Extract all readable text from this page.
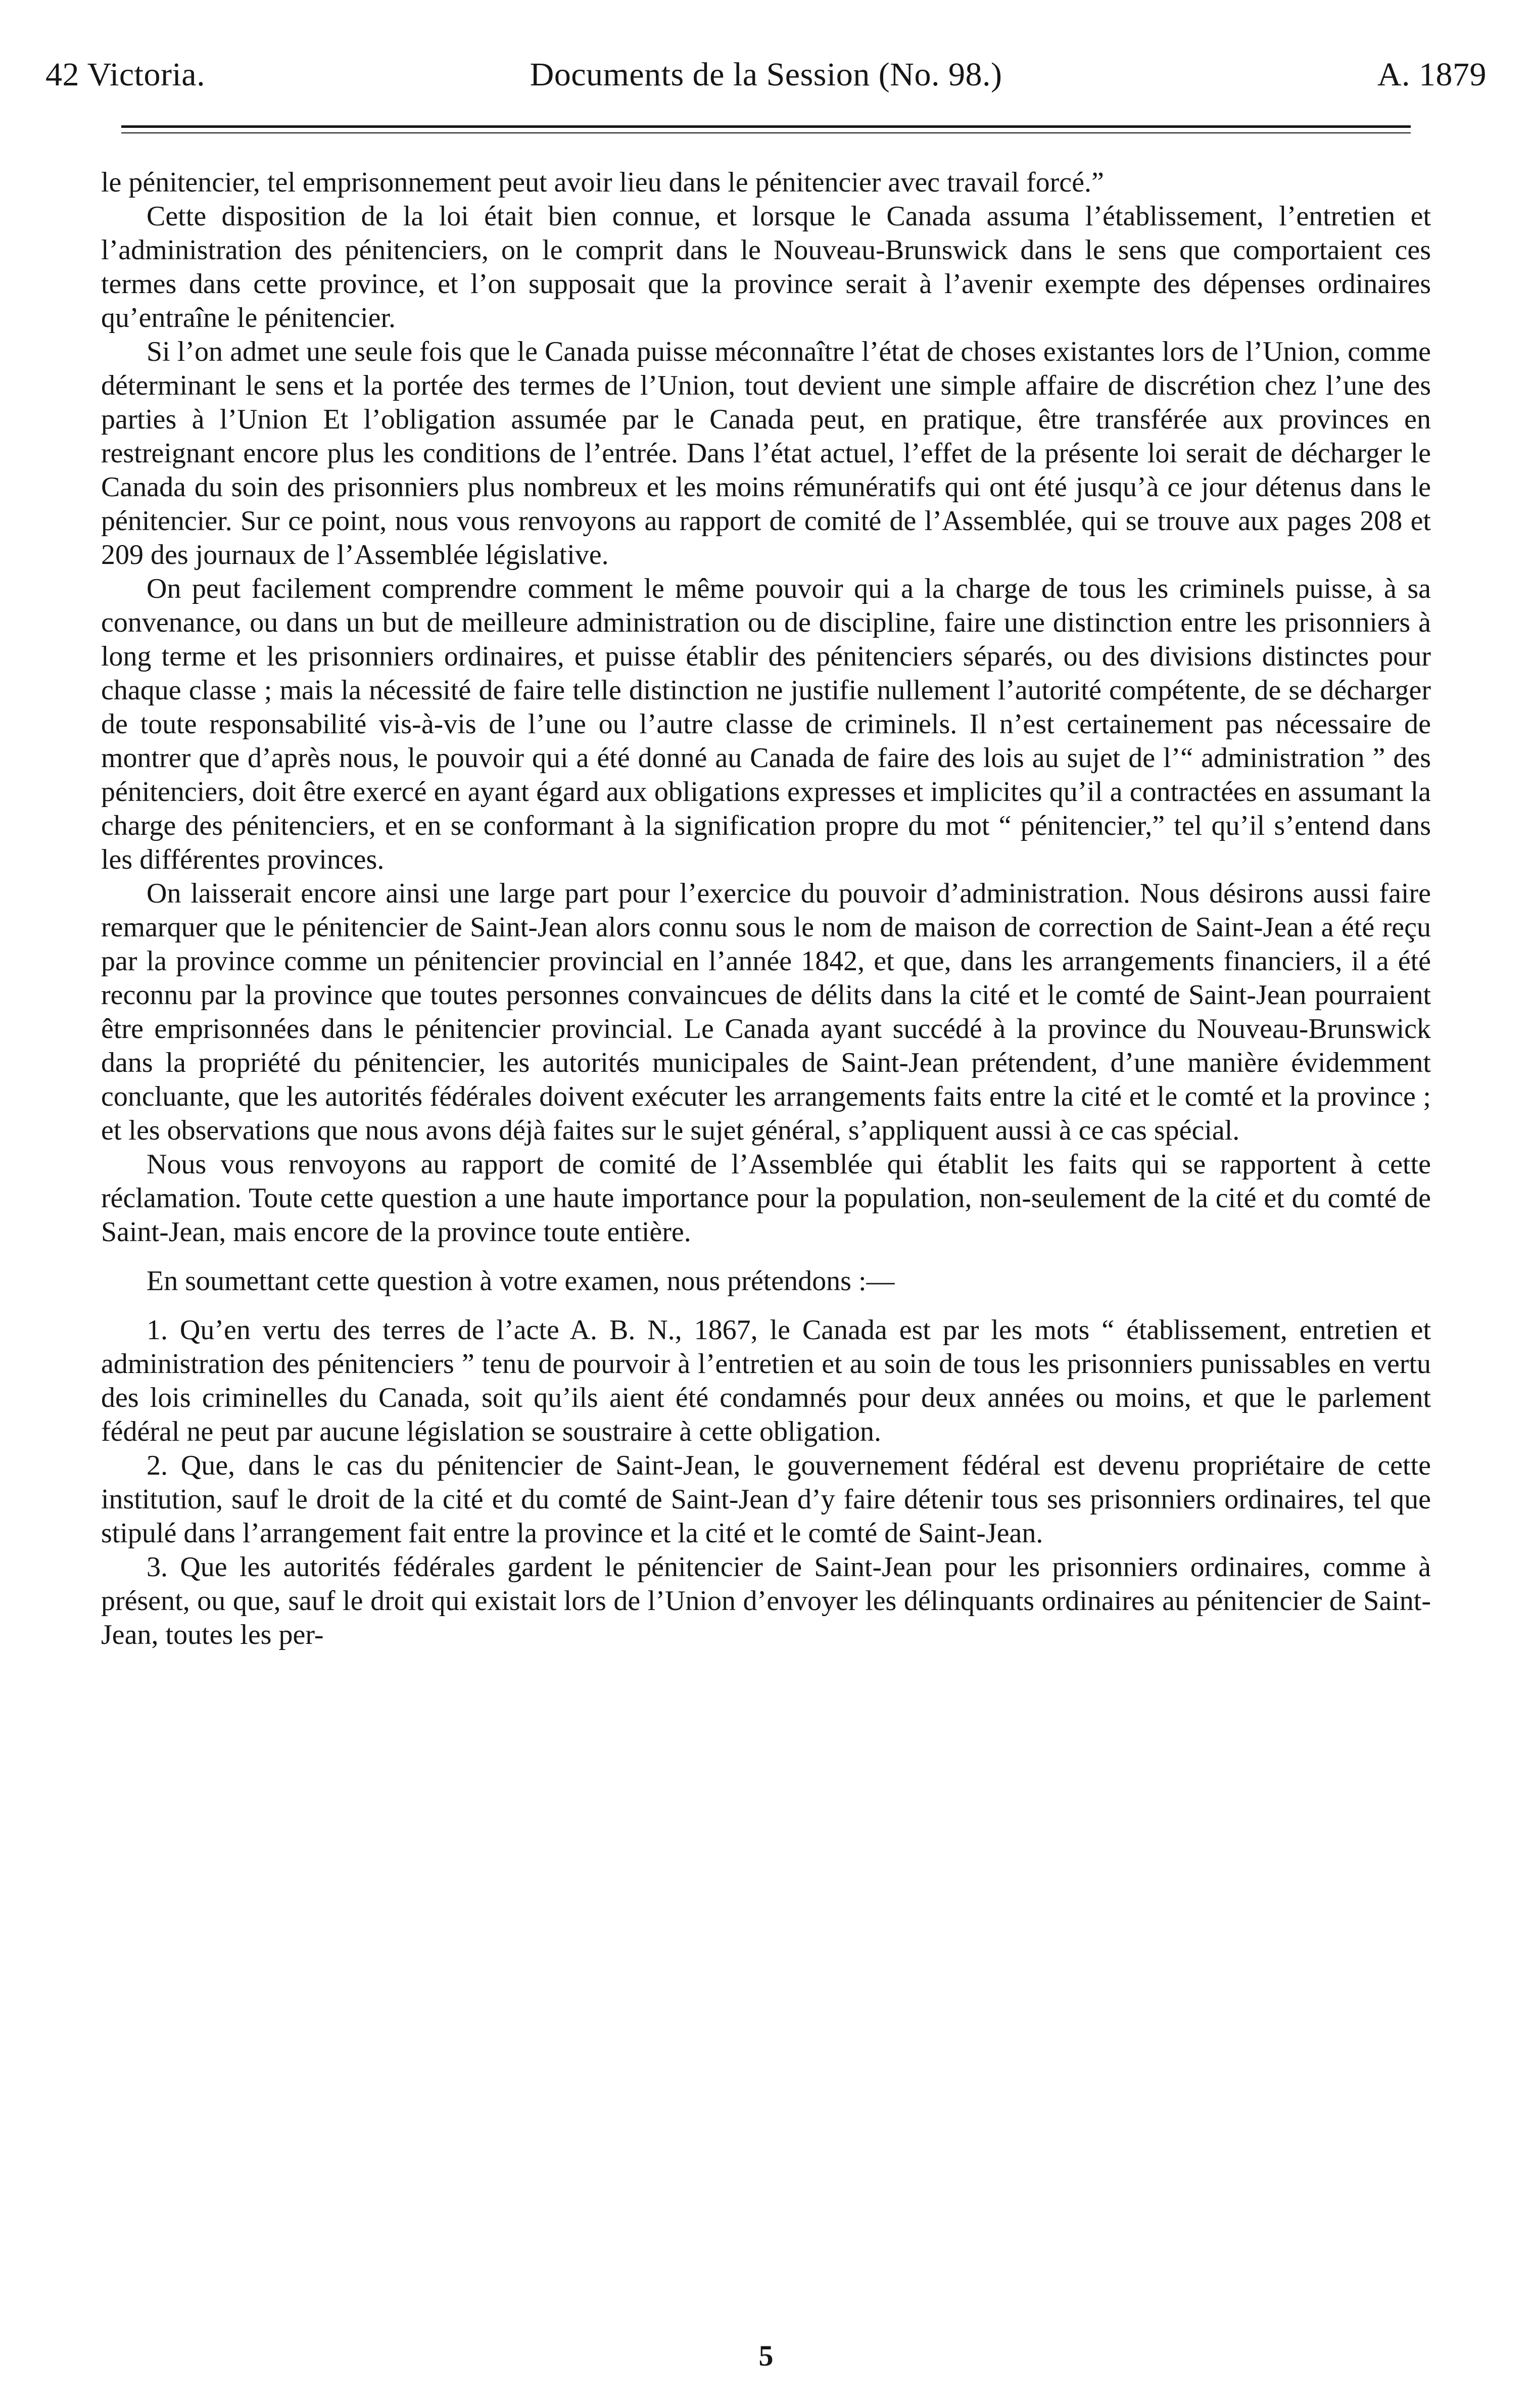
42 Victoria.	Documents de la Session (No. 98.)	A. 1879

le pénitencier, tel emprisonnement peut avoir lieu dans le pénitencier avec travail forcé.”

Cette disposition de la loi était bien connue, et lorsque le Canada assuma l’établissement, l’entretien et l’administration des pénitenciers, on le comprit dans le Nouveau-Brunswick dans le sens que comportaient ces termes dans cette province, et l’on supposait que la province serait à l’avenir exempte des dépenses ordinaires qu’entraîne le pénitencier.

Si l’on admet une seule fois que le Canada puisse méconnaître l’état de choses existantes lors de l’Union, comme déterminant le sens et la portée des termes de l’Union, tout devient une simple affaire de discrétion chez l’une des parties à l’Union Et l’obligation assumée par le Canada peut, en pratique, être transférée aux provinces en restreignant encore plus les conditions de l’entrée. Dans l’état actuel, l’effet de la présente loi serait de décharger le Canada du soin des prisonniers plus nombreux et les moins rémunératifs qui ont été jusqu’à ce jour détenus dans le pénitencier. Sur ce point, nous vous renvoyons au rapport de comité de l’Assemblée, qui se trouve aux pages 208 et 209 des journaux de l’Assemblée législative.

On peut facilement comprendre comment le même pouvoir qui a la charge de tous les criminels puisse, à sa convenance, ou dans un but de meilleure administration ou de discipline, faire une distinction entre les prisonniers à long terme et les prisonniers ordinaires, et puisse établir des pénitenciers séparés, ou des divisions distinctes pour chaque classe ; mais la nécessité de faire telle distinction ne justifie nullement l’autorité compétente, de se décharger de toute responsabilité vis-à-vis de l’une ou l’autre classe de criminels. Il n’est certainement pas nécessaire de montrer que d’après nous, le pouvoir qui a été donné au Canada de faire des lois au sujet de l’“ administration ” des pénitenciers, doit être exercé en ayant égard aux obligations expresses et implicites qu’il a contractées en assumant la charge des pénitenciers, et en se conformant à la signification propre du mot “ pénitencier,” tel qu’il s’entend dans les différentes provinces.

On laisserait encore ainsi une large part pour l’exercice du pouvoir d’administration. Nous désirons aussi faire remarquer que le pénitencier de Saint-Jean alors connu sous le nom de maison de correction de Saint-Jean a été reçu par la province comme un pénitencier provincial en l’année 1842, et que, dans les arrangements financiers, il a été reconnu par la province que toutes personnes convaincues de délits dans la cité et le comté de Saint-Jean pourraient être emprisonnées dans le pénitencier provincial. Le Canada ayant succédé à la province du Nouveau-Brunswick dans la propriété du pénitencier, les autorités municipales de Saint-Jean prétendent, d’une manière évidemment concluante, que les autorités fédérales doivent exécuter les arrangements faits entre la cité et le comté et la province ; et les observations que nous avons déjà faites sur le sujet général, s’appliquent aussi à ce cas spécial.

Nous vous renvoyons au rapport de comité de l’Assemblée qui établit les faits qui se rapportent à cette réclamation. Toute cette question a une haute importance pour la population, non-seulement de la cité et du comté de Saint-Jean, mais encore de la province toute entière.

En soumettant cette question à votre examen, nous prétendons :—

1. Qu’en vertu des terres de l’acte A. B. N., 1867, le Canada est par les mots “ établissement, entretien et administration des pénitenciers ” tenu de pourvoir à l’entretien et au soin de tous les prisonniers punissables en vertu des lois criminelles du Canada, soit qu’ils aient été condamnés pour deux années ou moins, et que le parlement fédéral ne peut par aucune législation se soustraire à cette obligation.

2. Que, dans le cas du pénitencier de Saint-Jean, le gouvernement fédéral est devenu propriétaire de cette institution, sauf le droit de la cité et du comté de Saint-Jean d’y faire détenir tous ses prisonniers ordinaires, tel que stipulé dans l’arrangement fait entre la province et la cité et le comté de Saint-Jean.

3. Que les autorités fédérales gardent le pénitencier de Saint-Jean pour les prisonniers ordinaires, comme à présent, ou que, sauf le droit qui existait lors de l’Union d’envoyer les délinquants ordinaires au pénitencier de Saint-Jean, toutes les per-

5
